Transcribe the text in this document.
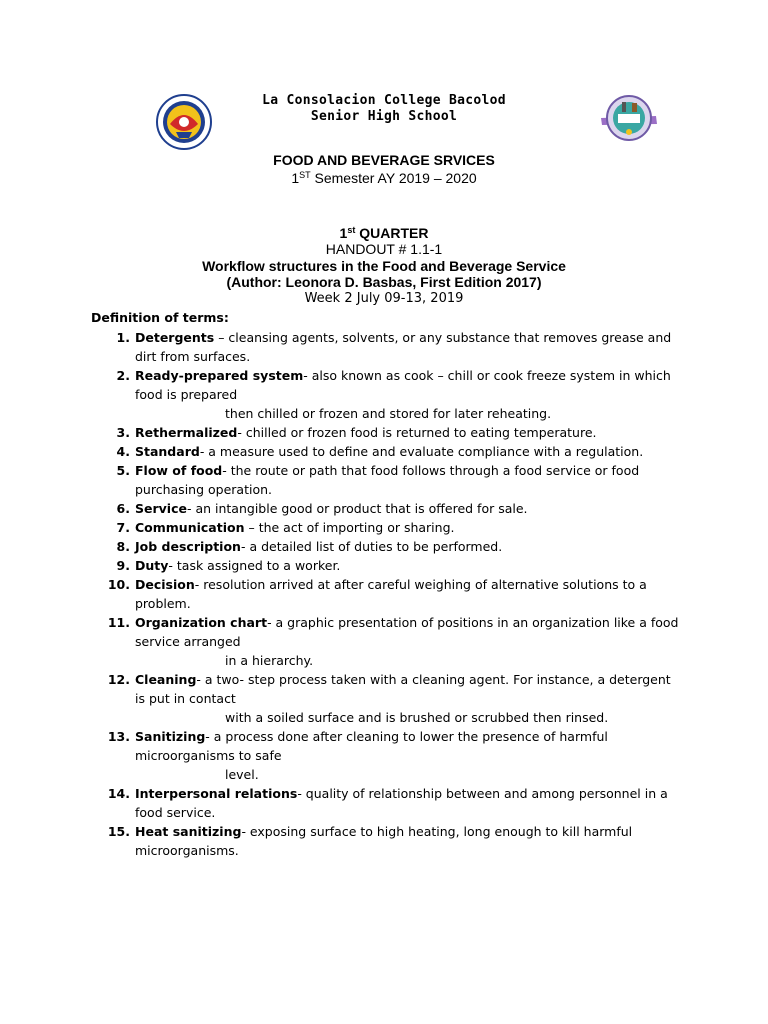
La Consolacion College Bacolod
Senior High School
FOOD AND BEVERAGE SRVICES
1ST Semester AY 2019 – 2020
1st QUARTER
HANDOUT # 1.1-1
Workflow structures in the Food and Beverage Service
(Author: Leonora D. Basbas, First Edition 2017)
Week 2 July 09-13, 2019
Definition of terms:
1. Detergents – cleansing agents, solvents, or any substance that removes grease and dirt from surfaces.
2. Ready-prepared system- also known as cook – chill or cook freeze system in which food is prepared
then chilled or frozen and stored for later reheating.
3. Rethermalized- chilled or frozen food is returned to eating temperature.
4. Standard- a measure used to define and evaluate compliance with a regulation.
5. Flow of food- the route or path that food follows through a food service or food purchasing operation.
6. Service- an intangible good or product that is offered for sale.
7. Communication – the act of importing or sharing.
8. Job description- a detailed list of duties to be performed.
9. Duty- task assigned to a worker.
10. Decision- resolution arrived at after careful weighing of alternative solutions to a problem.
11. Organization chart- a graphic presentation of positions in an organization like a food service arranged
in a hierarchy.
12. Cleaning- a two- step process taken with a cleaning agent. For instance, a detergent is put in contact
with a soiled surface and is brushed or scrubbed then rinsed.
13. Sanitizing- a process done after cleaning to lower the presence of harmful microorganisms to safe
level.
14. Interpersonal relations- quality of relationship between and among personnel in a food service.
15. Heat sanitizing- exposing surface to high heating, long enough to kill harmful microorganisms.
